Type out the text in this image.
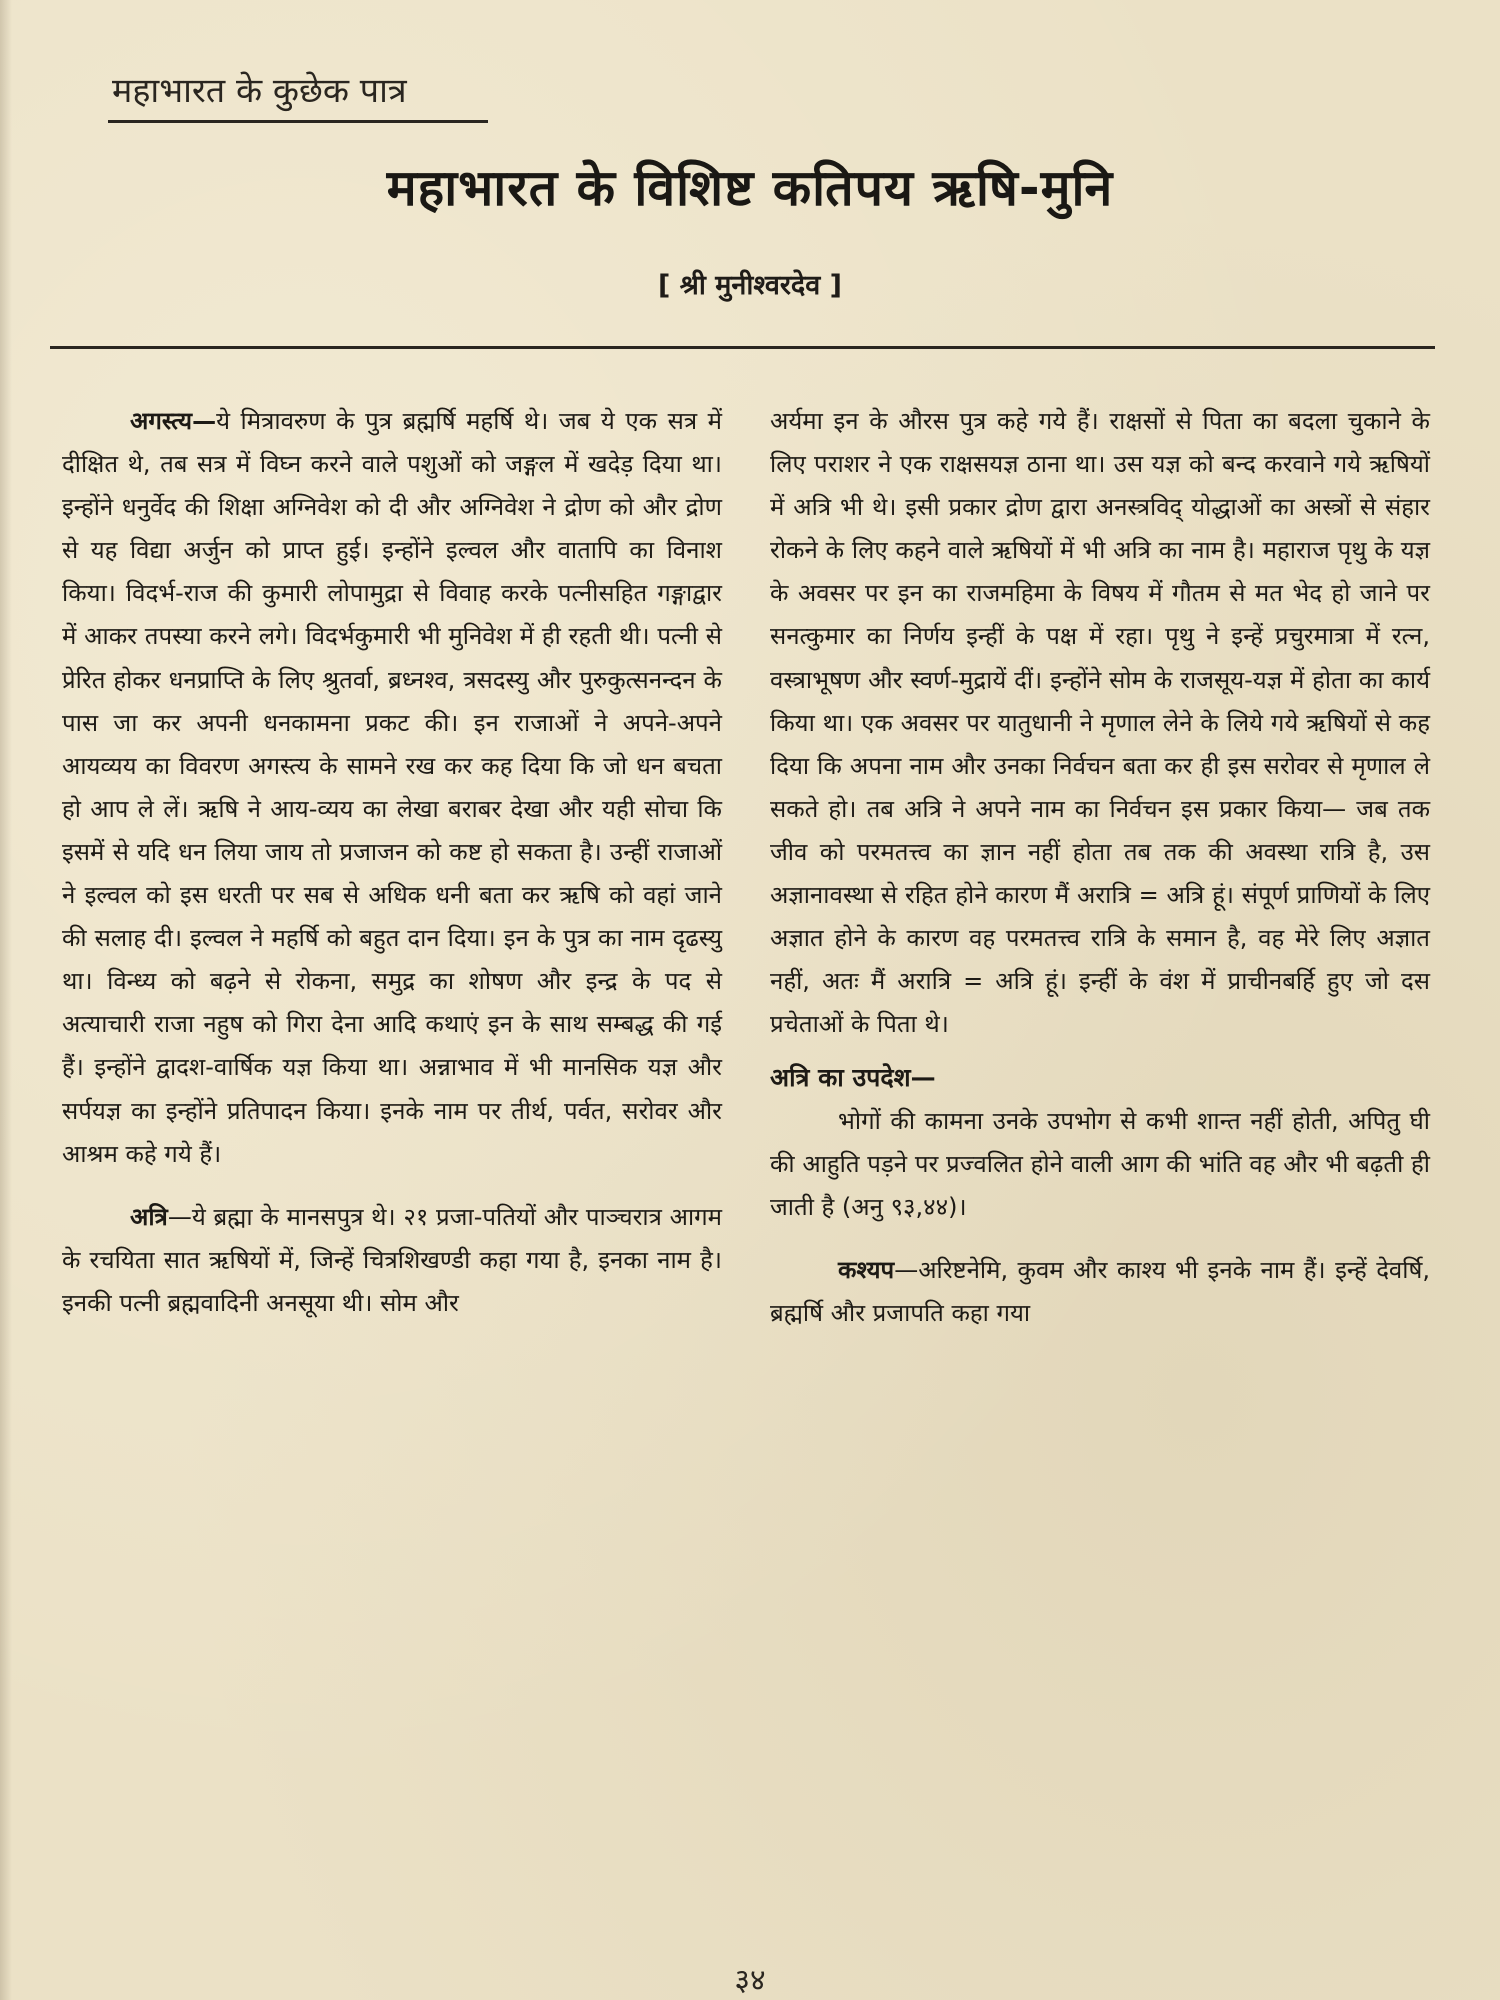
महाभारत के कुछेक पात्र
महाभारत के विशिष्ट कतिपय ऋषि-मुनि
[ श्री मुनीश्वरदेव ]

अगस्त्य—ये मित्रावरुण के पुत्र ब्रह्मर्षि महर्षि थे। जब ये एक सत्र में दीक्षित थे, तब सत्र में विघ्न करने वाले पशुओं को जङ्गल में खदेड़ दिया था। इन्होंने धनुर्वेद की शिक्षा अग्निवेश को दी और अग्निवेश ने द्रोण को और द्रोण से यह विद्या अर्जुन को प्राप्त हुई। इन्होंने इल्वल और वातापि का विनाश किया। विदर्भ-राज की कुमारी लोपामुद्रा से विवाह करके पत्नीसहित गङ्गाद्वार में आकर तपस्या करने लगे। विदर्भकुमारी भी मुनिवेश में ही रहती थी। पत्नी से प्रेरित होकर धनप्राप्ति के लिए श्रुतर्वा, ब्रध्नश्व, त्रसदस्यु और पुरुकुत्सनन्दन के पास जा कर अपनी धनकामना प्रकट की। इन राजाओं ने अपने-अपने आयव्यय का विवरण अगस्त्य के सामने रख कर कह दिया कि जो धन बचता हो आप ले लें। ऋषि ने आय-व्यय का लेखा बराबर देखा और यही सोचा कि इसमें से यदि धन लिया जाय तो प्रजाजन को कष्ट हो सकता है। उन्हीं राजाओं ने इल्वल को इस धरती पर सब से अधिक धनी बता कर ऋषि को वहां जाने की सलाह दी। इल्वल ने महर्षि को बहुत दान दिया। इन के पुत्र का नाम दृढस्यु था। विन्ध्य को बढ़ने से रोकना, समुद्र का शोषण और इन्द्र के पद से अत्याचारी राजा नहुष को गिरा देना आदि कथाएं इन के साथ सम्बद्ध की गई हैं। इन्होंने द्वादश-वार्षिक यज्ञ किया था। अन्नाभाव में भी मानसिक यज्ञ और सर्पयज्ञ का इन्होंने प्रतिपादन किया। इनके नाम पर तीर्थ, पर्वत, सरोवर और आश्रम कहे गये हैं।

अत्रि—ये ब्रह्मा के मानसपुत्र थे। २१ प्रजा-पतियों और पाञ्चरात्र आगम के रचयिता सात ऋषियों में, जिन्हें चित्रशिखण्डी कहा गया है, इनका नाम है। इनकी पत्नी ब्रह्मवादिनी अनसूया थी। सोम और

अर्यमा इन के औरस पुत्र कहे गये हैं। राक्षसों से पिता का बदला चुकाने के लिए पराशर ने एक राक्षसयज्ञ ठाना था। उस यज्ञ को बन्द करवाने गये ऋषियों में अत्रि भी थे। इसी प्रकार द्रोण द्वारा अनस्त्रविद् योद्धाओं का अस्त्रों से संहार रोकने के लिए कहने वाले ऋषियों में भी अत्रि का नाम है। महाराज पृथु के यज्ञ के अवसर पर इन का राजमहिमा के विषय में गौतम से मत भेद हो जाने पर सनत्कुमार का निर्णय इन्हीं के पक्ष में रहा। पृथु ने इन्हें प्रचुरमात्रा में रत्न, वस्त्राभूषण और स्वर्ण-मुद्रायें दीं। इन्होंने सोम के राजसूय-यज्ञ में होता का कार्य किया था। एक अवसर पर यातुधानी ने मृणाल लेने के लिये गये ऋषियों से कह दिया कि अपना नाम और उनका निर्वचन बता कर ही इस सरोवर से मृणाल ले सकते हो। तब अत्रि ने अपने नाम का निर्वचन इस प्रकार किया— जब तक जीव को परमतत्त्व का ज्ञान नहीं होता तब तक की अवस्था रात्रि है, उस अज्ञानावस्था से रहित होने कारण मैं अरात्रि = अत्रि हूं। संपूर्ण प्राणियों के लिए अज्ञात होने के कारण वह परमतत्त्व रात्रि के समान है, वह मेरे लिए अज्ञात नहीं, अतः मैं अरात्रि = अत्रि हूं। इन्हीं के वंश में प्राचीनबर्हि हुए जो दस प्रचेताओं के पिता थे।

अत्रि का उपदेश—

भोगों की कामना उनके उपभोग से कभी शान्त नहीं होती, अपितु घी की आहुति पड़ने पर प्रज्वलित होने वाली आग की भांति वह और भी बढ़ती ही जाती है (अनु ९३,४४)।

कश्यप—अरिष्टनेमि, कुवम और काश्य भी इनके नाम हैं। इन्हें देवर्षि, ब्रह्मर्षि और प्रजापति कहा गया

३४
